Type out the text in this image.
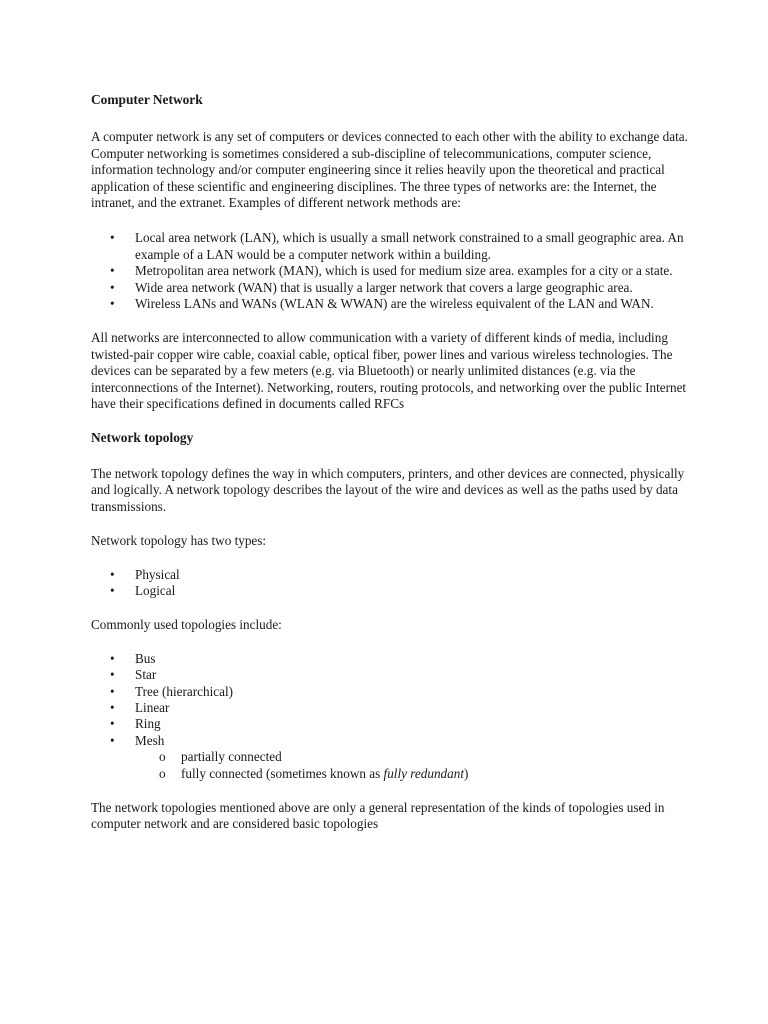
Computer Network

A computer network is any set of computers or devices connected to each other with the ability to exchange data. Computer networking is sometimes considered a sub-discipline of telecommunications, computer science, information technology and/or computer engineering since it relies heavily upon the theoretical and practical application of these scientific and engineering disciplines. The three types of networks are: the Internet, the intranet, and the extranet. Examples of different network methods are:

•	Local area network (LAN), which is usually a small network constrained to a small geographic area. An example of a LAN would be a computer network within a building.
•	Metropolitan area network (MAN), which is used for medium size area. examples for a city or a state.
•	Wide area network (WAN) that is usually a larger network that covers a large geographic area.
•	Wireless LANs and WANs (WLAN & WWAN) are the wireless equivalent of the LAN and WAN.

All networks are interconnected to allow communication with a variety of different kinds of media, including twisted-pair copper wire cable, coaxial cable, optical fiber, power lines and various wireless technologies. The devices can be separated by a few meters (e.g. via Bluetooth) or nearly unlimited distances (e.g. via the interconnections of the Internet). Networking, routers, routing protocols, and networking over the public Internet have their specifications defined in documents called RFCs

Network topology

The network topology defines the way in which computers, printers, and other devices are connected, physically and logically. A network topology describes the layout of the wire and devices as well as the paths used by data transmissions.

Network topology has two types:

•	Physical
•	Logical

Commonly used topologies include:

•	Bus
•	Star
•	Tree (hierarchical)
•	Linear
•	Ring
•	Mesh
o	partially connected
o	fully connected (sometimes known as fully redundant)

The network topologies mentioned above are only a general representation of the kinds of topologies used in computer network and are considered basic topologies
